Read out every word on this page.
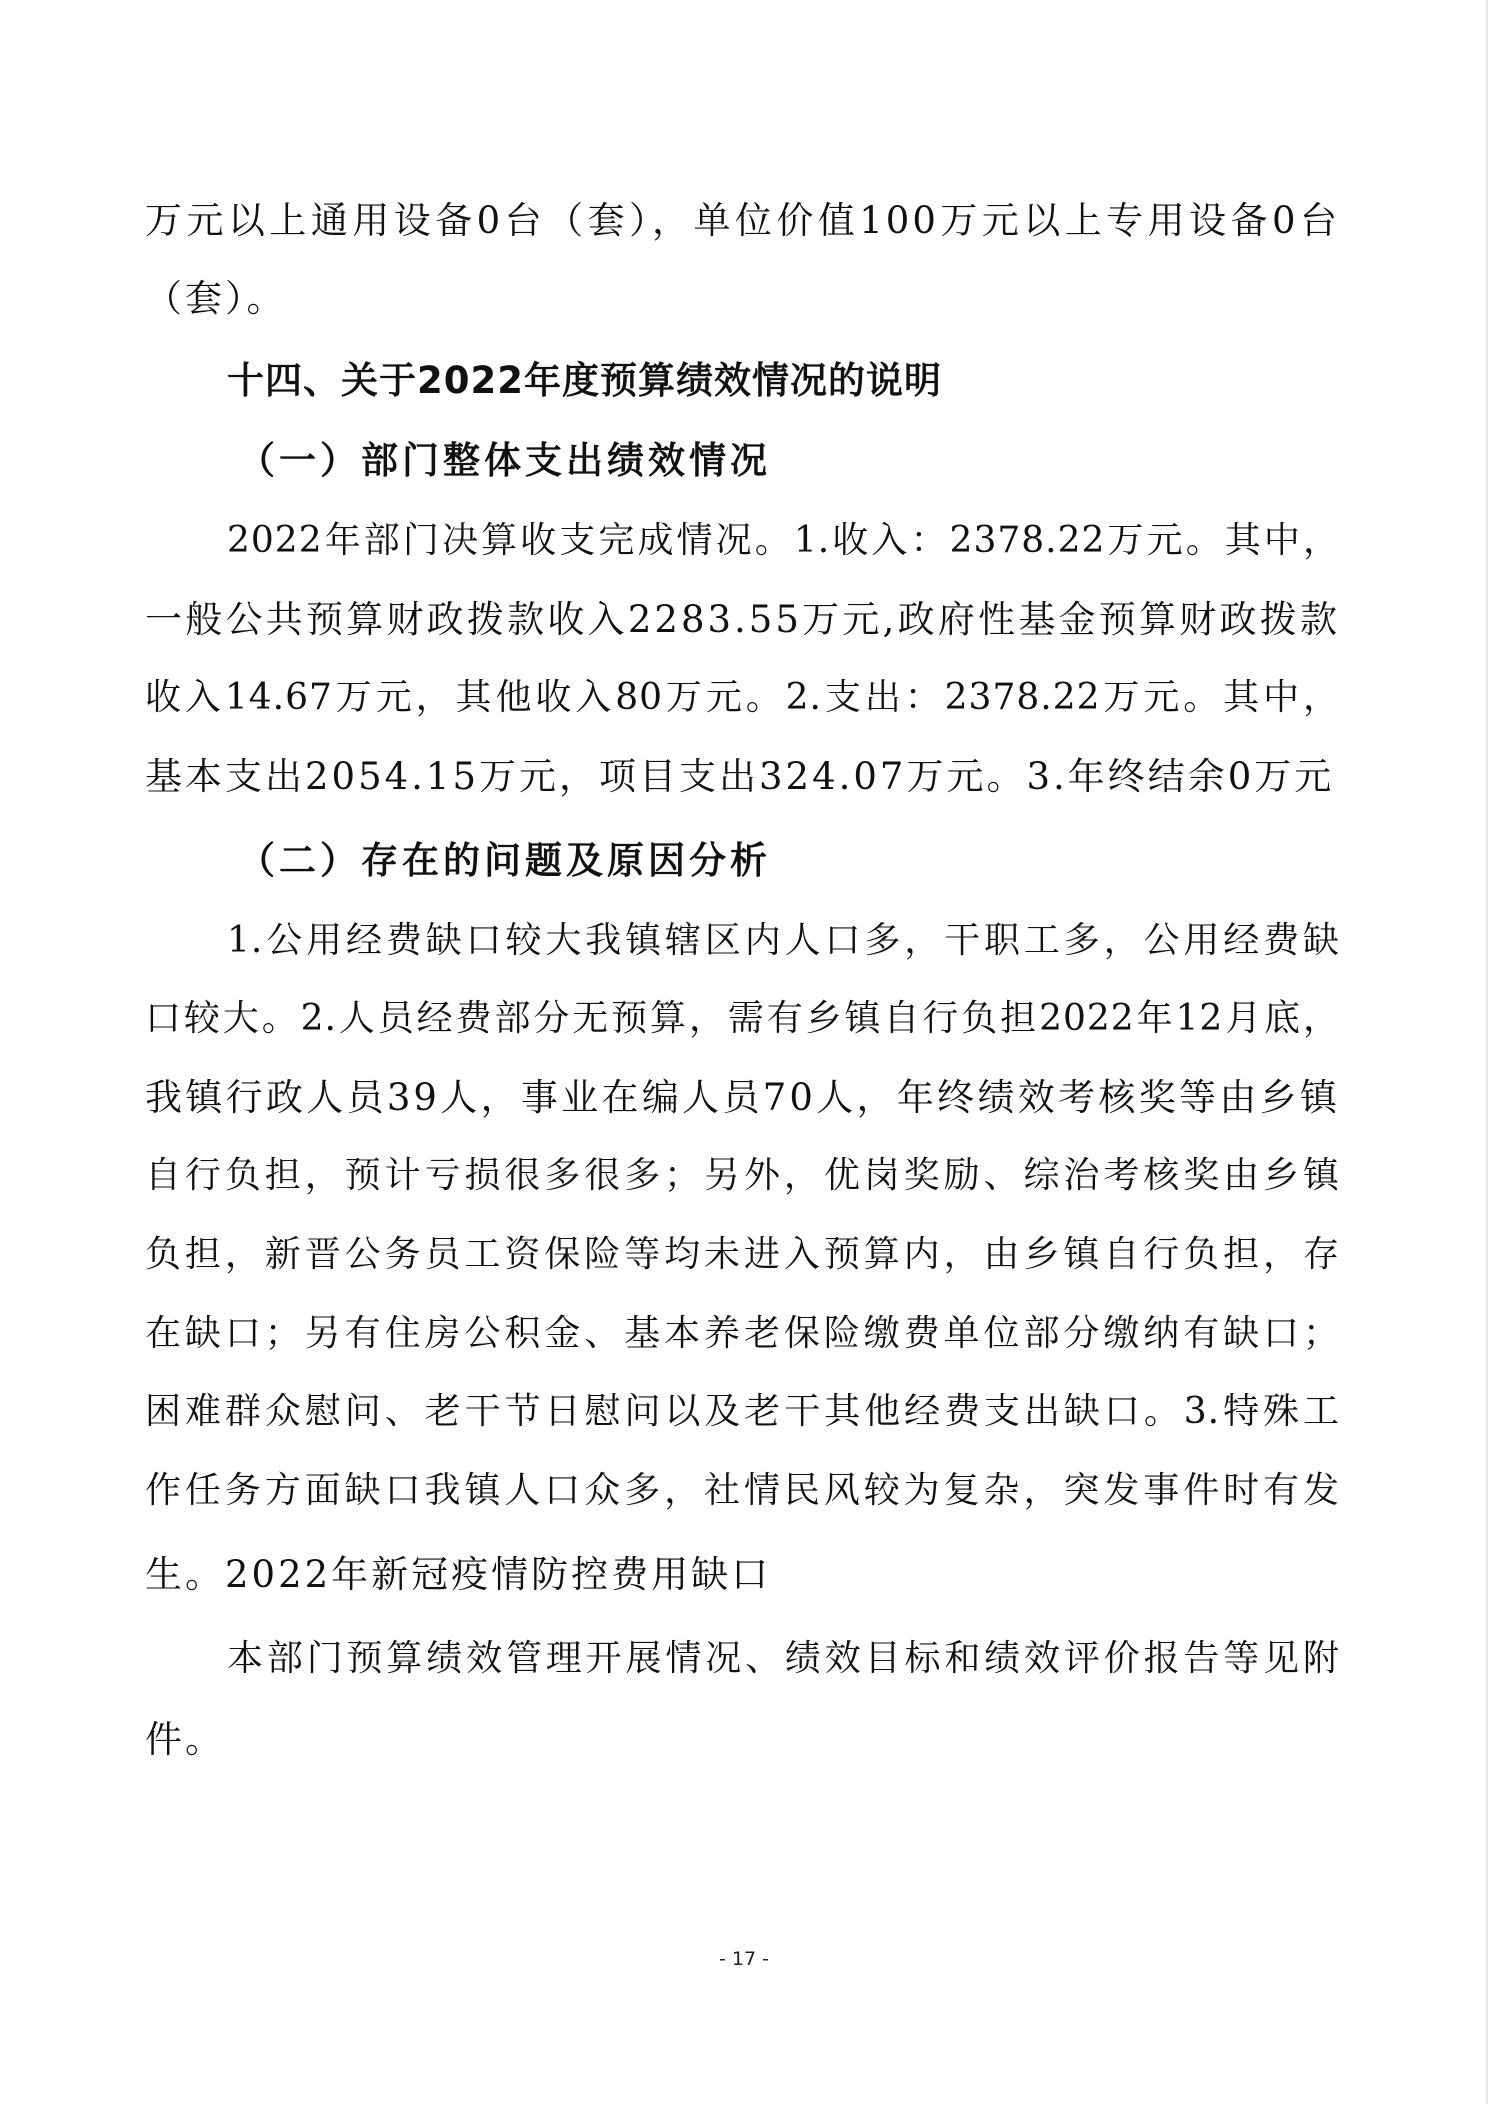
万元以上通用设备0台（套），单位价值100万元以上专用设备0台
（套）。
十四、关于2022年度预算绩效情况的说明
（一）部门整体支出绩效情况
2022年部门决算收支完成情况。1.收入：2378.22万元。其中，
一般公共预算财政拨款收入2283.55万元,政府性基金预算财政拨款
收入14.67万元，其他收入80万元。2.支出：2378.22万元。其中，
基本支出2054.15万元，项目支出324.07万元。3.年终结余0万元
（二）存在的问题及原因分析
1.公用经费缺口较大我镇辖区内人口多，干职工多，公用经费缺
口较大。2.人员经费部分无预算，需有乡镇自行负担2022年12月底，
我镇行政人员39人，事业在编人员70人，年终绩效考核奖等由乡镇
自行负担，预计亏损很多很多；另外，优岗奖励、综治考核奖由乡镇
负担，新晋公务员工资保险等均未进入预算内，由乡镇自行负担，存
在缺口；另有住房公积金、基本养老保险缴费单位部分缴纳有缺口；
困难群众慰问、老干节日慰问以及老干其他经费支出缺口。3.特殊工
作任务方面缺口我镇人口众多，社情民风较为复杂，突发事件时有发
生。2022年新冠疫情防控费用缺口
本部门预算绩效管理开展情况、绩效目标和绩效评价报告等见附
件。
- 17 -
